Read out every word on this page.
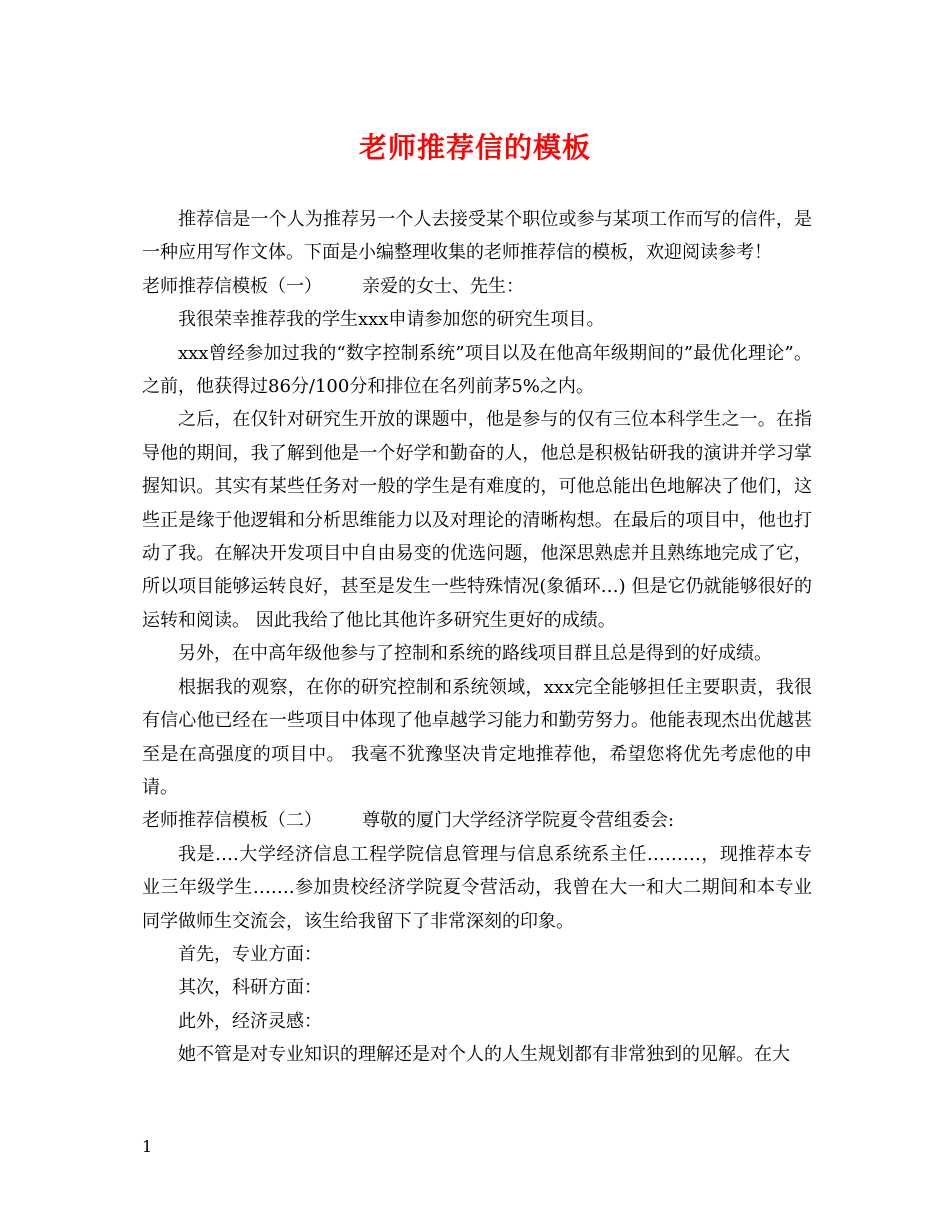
老师推荐信的模板

推荐信是一个人为推荐另一个人去接受某个职位或参与某项工作而写的信件，是一种应用写作文体。下面是小编整理收集的老师推荐信的模板，欢迎阅读参考！

老师推荐信模板（一） 亲爱的女士、先生：

我很荣幸推荐我的学生xxx申请参加您的研究生项目。

xxx曾经参加过我的“数字控制系统”项目以及在他高年级期间的”最优化理论”。 之前，他获得过86分/100分和排位在名列前茅5%之内。

之后，在仅针对研究生开放的课题中，他是参与的仅有三位本科学生之一。在指导他的期间，我了解到他是一个好学和勤奋的人，他总是积极钻研我的演讲并学习掌握知识。其实有某些任务对一般的学生是有难度的，可他总能出色地解决了他们，这些正是缘于他逻辑和分析思维能力以及对理论的清晰构想。在最后的项目中，他也打动了我。在解决开发项目中自由易变的优选问题，他深思熟虑并且熟练地完成了它，所以项目能够运转良好，甚至是发生一些特殊情况(象循环…) 但是它仍就能够很好的运转和阅读。 因此我给了他比其他许多研究生更好的成绩。

另外，在中高年级他参与了控制和系统的路线项目群且总是得到的好成绩。

根据我的观察，在你的研究控制和系统领域，xxx完全能够担任主要职责，我很有信心他已经在一些项目中体现了他卓越学习能力和勤劳努力。他能表现杰出优越甚至是在高强度的项目中。 我毫不犹豫坚决肯定地推荐他，希望您将优先考虑他的申请。

老师推荐信模板（二） 尊敬的厦门大学经济学院夏令营组委会:

我是….大学经济信息工程学院信息管理与信息系统系主任………，现推荐本专业三年级学生…….参加贵校经济学院夏令营活动，我曾在大一和大二期间和本专业同学做师生交流会，该生给我留下了非常深刻的印象。

首先，专业方面：

其次，科研方面：

此外，经济灵感：

她不管是对专业知识的理解还是对个人的人生规划都有非常独到的见解。在大

1
